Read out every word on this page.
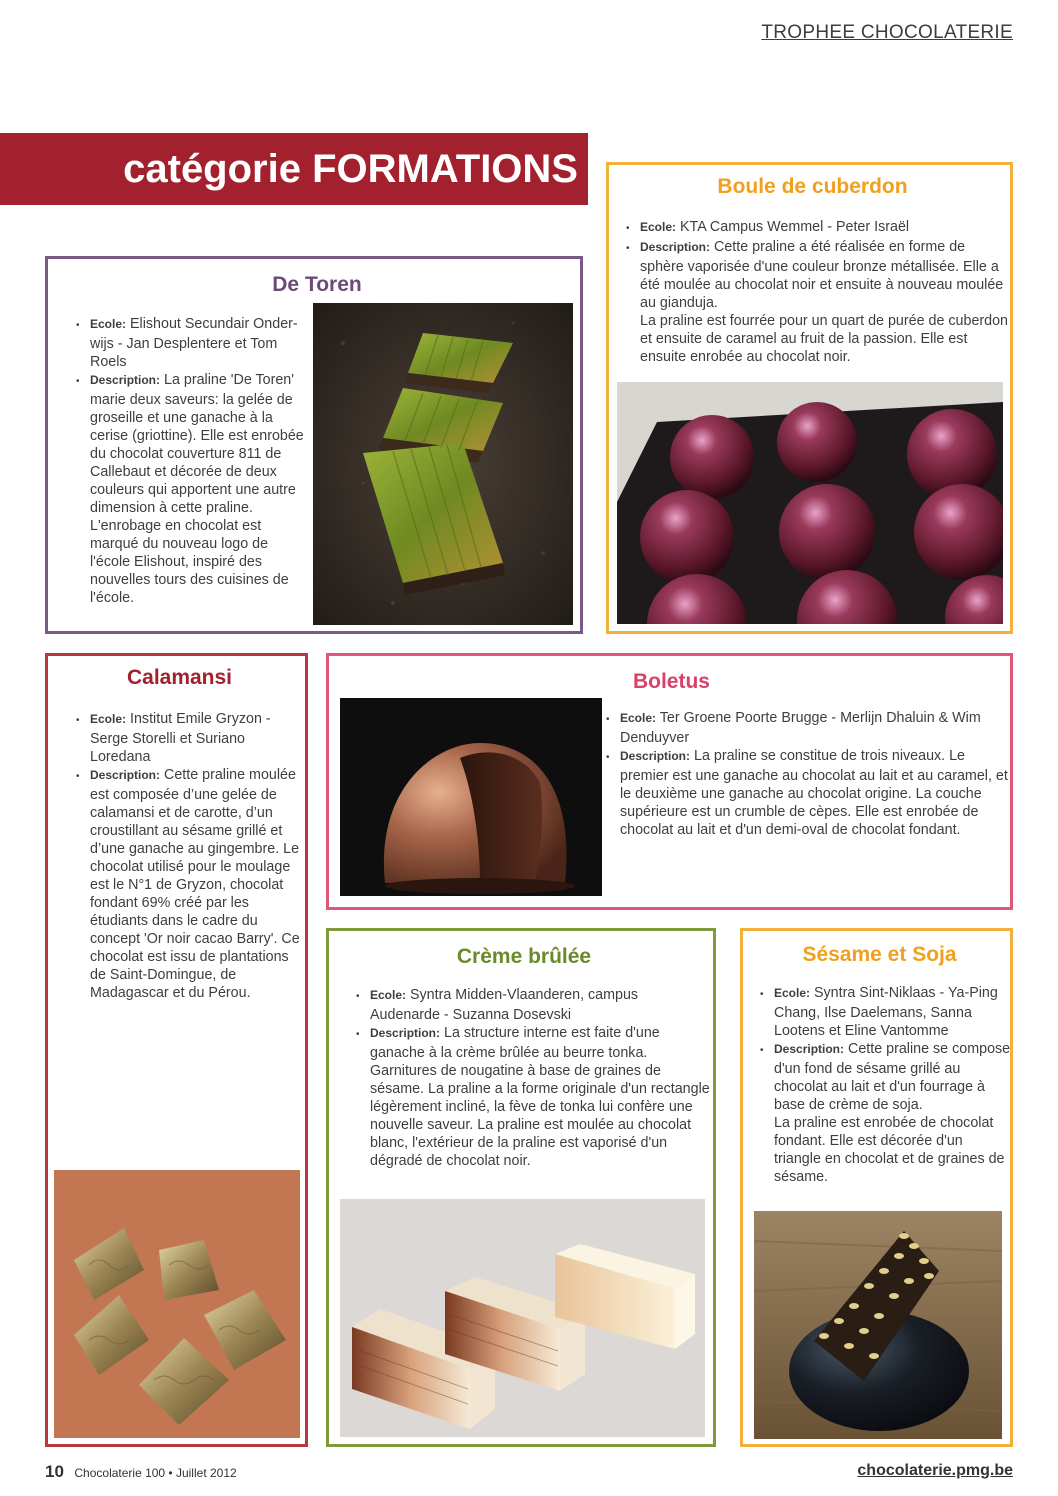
TROPHEE CHOCOLATERIE
catégorie FORMATIONS
De Toren

• Ecole: Elishout Secundair Onder-wijs - Jan Desplentere et Tom Roels

• Description: La praline 'De Toren' marie deux saveurs: la gelée de groseille et une ganache à la cerise (griottine). Elle est enrobée du chocolat couverture 811 de Callebaut et décorée de deux couleurs qui apportent une autre dimension à cette praline. L'enrobage en chocolat est marqué du nouveau logo de l'école Elishout, inspiré des nouvelles tours des cuisines de l'école.

Boule de cuberdon

• Ecole: KTA Campus Wemmel - Peter Israël

• Description: Cette praline a été réalisée en forme de sphère vaporisée d'une couleur bronze métallisée. Elle a été moulée au chocolat noir et ensuite à nouveau moulée au gianduja.

La praline est fourrée pour un quart de purée de cuberdon et ensuite de caramel au fruit de la passion. Elle est ensuite enrobée au chocolat noir.

Calamansi

• Ecole: Institut Emile Gryzon - Serge Storelli et Suriano Loredana

• Description: Cette praline moulée est composée d’une gelée de calamansi et de carotte, d’un croustillant au sésame grillé et d’une ganache au gingembre. Le chocolat utilisé pour le moulage est le N°1 de Gryzon, chocolat fondant 69% créé par les étudiants dans le cadre du concept 'Or noir cacao Barry'. Ce chocolat est issu de plantations de Saint-Domingue, de Madagascar et du Pérou.

Boletus

• Ecole: Ter Groene Poorte Brugge - Merlijn Dhaluin & Wim Denduyver

• Description: La praline se constitue de trois niveaux. Le premier est une ganache au chocolat au lait et au caramel, et le deuxième une ganache au chocolat origine. La couche supérieure est un crumble de cèpes. Elle est enrobée de chocolat au lait et d'un demi-oval de chocolat fondant.

Crème brûlée

• Ecole: Syntra Midden-Vlaanderen, campus Audenarde - Suzanna Dosevski

• Description: La structure interne est faite d'une ganache à la crème brûlée au beurre tonka. Garnitures de nougatine à base de graines de sésame. La praline a la forme originale d'un rectangle légèrement incliné, la fève de tonka lui confère une nouvelle saveur. La praline est moulée au chocolat blanc, l'extérieur de la praline est vaporisé d'un dégradé de chocolat noir.

Sésame et Soja

• Ecole: Syntra Sint-Niklaas - Ya-Ping Chang, Ilse Daelemans, Sanna Lootens et Eline Vantomme

• Description: Cette praline se compose d'un fond de sésame grillé au chocolat au lait et d'un fourrage à base de crème de soja.

La praline est enrobée de chocolat fondant. Elle est décorée d'un triangle en chocolat et de graines de sésame.

10 Chocolaterie 100 • Juillet 2012	chocolaterie.pmg.be
